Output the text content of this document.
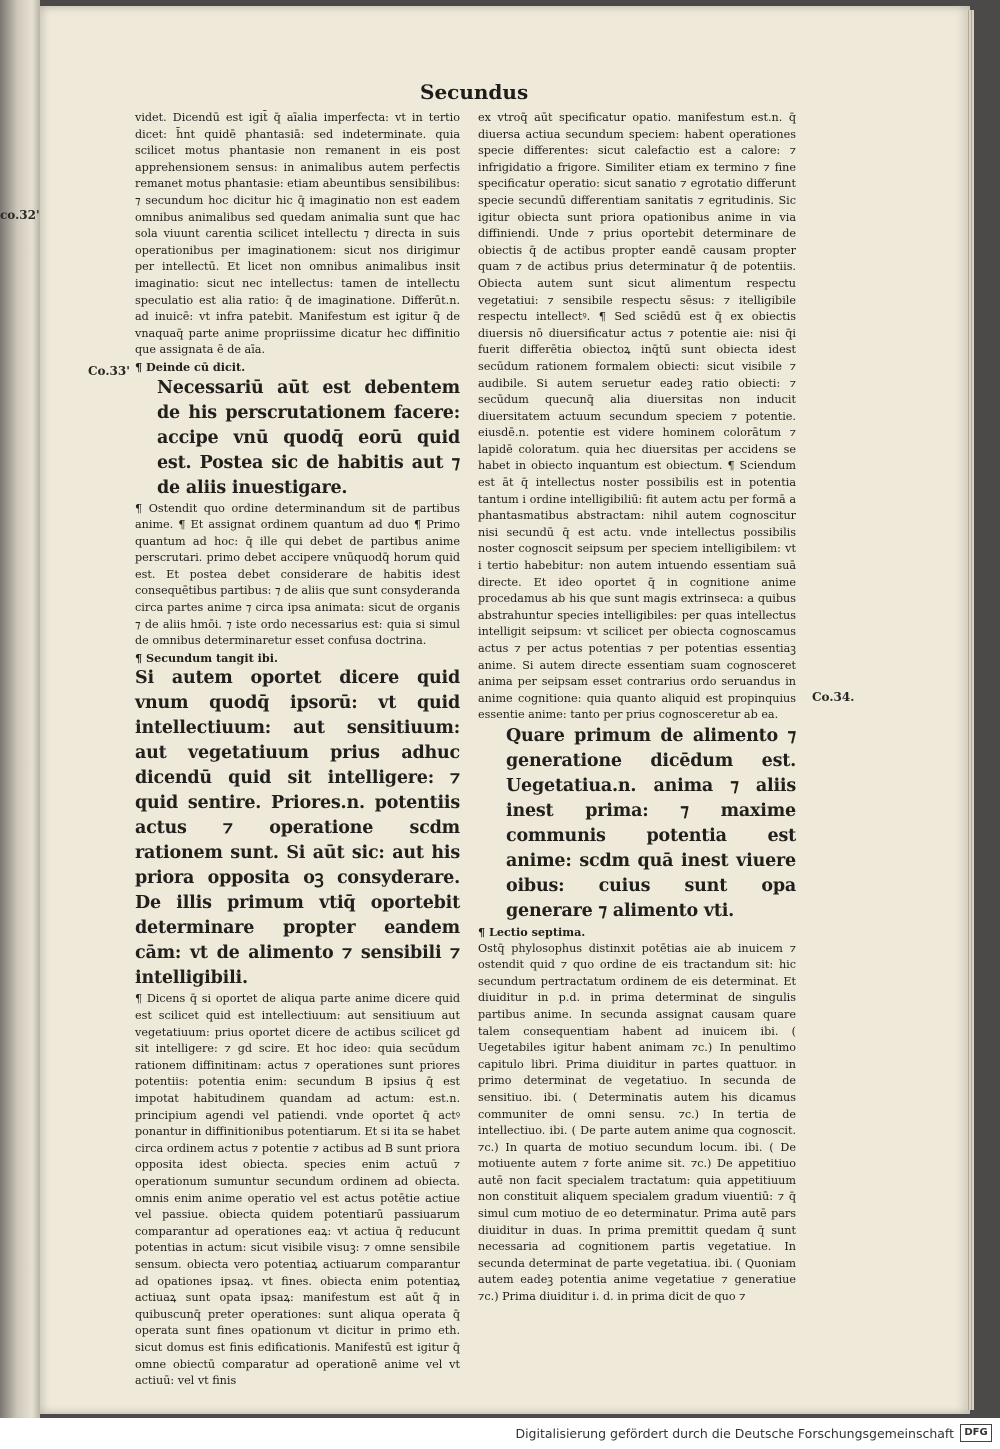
Secundus
co.32'
Co.33'
Co.34.

videt. Dicendū est igit̄ q̄ aīalia imperfecta: vt in tertio dicet: h̄nt quidē phantasiā: sed indeterminate. quia scilicet motus phantasie non remanent in eis post apprehensionem sensus: in animalibus autem perfectis remanet motus phantasie: etiam abeuntibus sensibilibus: ⁊ secundum hoc dicitur hic q̄ imaginatio non est eadem omnibus animalibus sed quedam animalia sunt que hac sola viuunt carentia scilicet intellectu ⁊ directa in suis operationibus per imaginationem: sicut nos dirigimur per intellectū. Et licet non omnibus animalibus insit imaginatio: sicut nec intellectus: tamen de intellectu speculatio est alia ratio: q̄ de imaginatione. Differūt.n. ad inuicē: vt infra patebit. Manifestum est igitur q̄ de vnaquaq̄ parte anime propriissime dicatur hec diffinitio que assignata ē de aīa.

¶ Deinde cū dicit.

Necessariū aūt est debentem de his perscrutationem facere: accipe vnū quodq̄ eorū quid est. Postea sic de habitis aut ⁊ de aliis inuestigare.

¶ Ostendit quo ordine determinandum sit de partibus anime. ¶ Et assignat ordinem quantum ad duo ¶ Primo quantum ad hoc: q̄ ille qui debet de partibus anime perscrutari. primo debet accipere vnūquodq̄ horum quid est. Et postea debet considerare de habitis idest consequētibus partibus: ⁊ de aliis que sunt consyderanda circa partes anime ⁊ circa ipsa animata: sicut de organis ⁊ de aliis hmōi. ⁊ iste ordo necessarius est: quia si simul de omnibus determinaretur esset confusa doctrina.

¶ Secundum tangit ibi.

Si autem oportet dicere quid vnum quodq̄ ipsorū: vt quid intellectiuum: aut sensitiuum: aut vegetatiuum prius adhuc dicendū quid sit intelligere: ⁊ quid sentire. Priores.n. potentiis actus ⁊ operatione scdm rationem sunt. Si aūt sic: aut his priora opposita oꝫ consyderare. De illis primum vtiq̄ oportebit determinare propter eandem cām: vt de alimento ⁊ sensibili ⁊ intelligibili.

¶ Dicens q̄ si oportet de aliqua parte anime dicere quid est scilicet quid est intellectiuum: aut sensitiuum aut vegetatiuum: prius oportet dicere de actibus scilicet gd sit intelligere: ⁊ gd scire. Et hoc ideo: quia secūdum rationem diffinitinam: actus ⁊ operationes sunt priores potentiis: potentia enim: secundum B ipsius q̄ est impotat habitudinem quandam ad actum: est.n. principium agendi vel patiendi. vnde oportet q̄ actꝰ ponantur in diffinitionibus potentiarum. Et si ita se habet circa ordinem actus ⁊ potentie ⁊ actibus ad B sunt priora opposita idest obiecta. species enim actuū ⁊ operationum sumuntur secundum ordinem ad obiecta. omnis enim anime operatio vel est actus potētie actiue vel passiue. obiecta quidem potentiarū passiuarum comparantur ad operationes eaꝝ: vt actiua q̄ reducunt potentias in actum: sicut visibile visuꝫ: ⁊ omne sensibile sensum. obiecta vero potentiaꝝ actiuarum comparantur ad opationes ipsaꝝ. vt fines. obiecta enim potentiaꝝ actiuaꝝ sunt opata ipsaꝝ: manifestum est aūt q̄ in quibuscunq̄ preter operationes: sunt aliqua operata q̄ operata sunt fines opationum vt dicitur in primo eth. sicut domus est finis edificationis. Manifestū est igitur q̄ omne obiectū comparatur ad operationē anime vel vt actiuū: vel vt finis

ex vtroq̄ aūt specificatur opatio. manifestum est.n. q̄ diuersa actiua secundum speciem: habent operationes specie differentes: sicut calefactio est a calore: ⁊ infrigidatio a frigore. Similiter etiam ex termino ⁊ fine specificatur operatio: sicut sanatio ⁊ egrotatio differunt specie secundū differentiam sanitatis ⁊ egritudinis. Sic igitur obiecta sunt priora opationibus anime in via diffiniendi. Unde ⁊ prius oportebit determinare de obiectis q̄ de actibus propter eandē causam propter quam ⁊ de actibus prius determinatur q̄ de potentiis. Obiecta autem sunt sicut alimentum respectu vegetatiui: ⁊ sensibile respectu sēsus: ⁊ itelligibile respectu intellectꝰ. ¶ Sed sciēdū est q̄ ex obiectis diuersis nō diuersificatur actus ⁊ potentie aie: nisi q̄i fuerit differētia obiectoꝝ inq̄tū sunt obiecta idest secūdum rationem formalem obiecti: sicut visibile ⁊ audibile. Si autem seruetur eadeꝫ ratio obiecti: ⁊ secūdum quecunq̄ alia diuersitas non inducit diuersitatem actuum secundum speciem ⁊ potentie. eiusdē.n. potentie est videre hominem colorātum ⁊ lapidē coloratum. quia hec diuersitas per accidens se habet in obiecto inquantum est obiectum. ¶ Sciendum est āt q̄ intellectus noster possibilis est in potentia tantum i ordine intelligibiliū: fit autem actu per formā a phantasmatibus abstractam: nihil autem cognoscitur nisi secundū q̄ est actu. vnde intellectus possibilis noster cognoscit seipsum per speciem intelligibilem: vt i tertio habebitur: non autem intuendo essentiam suā directe. Et ideo oportet q̄ in cognitione anime procedamus ab his que sunt magis extrinseca: a quibus abstrahuntur species intelligibiles: per quas intellectus intelligit seipsum: vt scilicet per obiecta cognoscamus actus ⁊ per actus potentias ⁊ per potentias essentiaꝫ anime. Si autem directe essentiam suam cognosceret anima per seipsam esset contrarius ordo seruandus in anime cognitione: quia quanto aliquid est propinquius essentie anime: tanto per prius cognosceretur ab ea.

Quare primum de alimento ⁊ generatione dicēdum est. Uegetatiua.n. anima ⁊ aliis inest prima: ⁊ maxime communis potentia est anime: scdm quā inest viuere oibus: cuius sunt opa generare ⁊ alimento vti.

¶ Lectio septima.

Ostq̄ phylosophus distinxit potētias aie ab inuicem ⁊ ostendit quid ⁊ quo ordine de eis tractandum sit: hic secundum pertractatum ordinem de eis determinat. Et diuiditur in p.d. in prima determinat de singulis partibus anime. In secunda assignat causam quare talem consequentiam habent ad inuicem ibi. ( Uegetabiles igitur habent animam ⁊c.) In penultimo capitulo libri. Prima diuiditur in partes quattuor. in primo determinat de vegetatiuo. In secunda de sensitiuo. ibi. ( Determinatis autem his dicamus communiter de omni sensu. ⁊c.) In tertia de intellectiuo. ibi. ( De parte autem anime qua cognoscit. ⁊c.) In quarta de motiuo secundum locum. ibi. ( De motiuente autem ⁊ forte anime sit. ⁊c.) De appetitiuo autē non facit specialem tractatum: quia appetitiuum non constituit aliquem specialem gradum viuentiū: ⁊ q̄ simul cum motiuo de eo determinatur. Prima autē pars diuiditur in duas. In prima premittit quedam q̄ sunt necessaria ad cognitionem partis vegetatiue. In secunda determinat de parte vegetatiua. ibi. ( Quoniam autem eadeꝫ potentia anime vegetatiue ⁊ generatiue ⁊c.) Prima diuiditur i. d. in prima dicit de quo ⁊

Digitalisierung gefördert durch die Deutsche Forschungsgemeinschaft	DFG
